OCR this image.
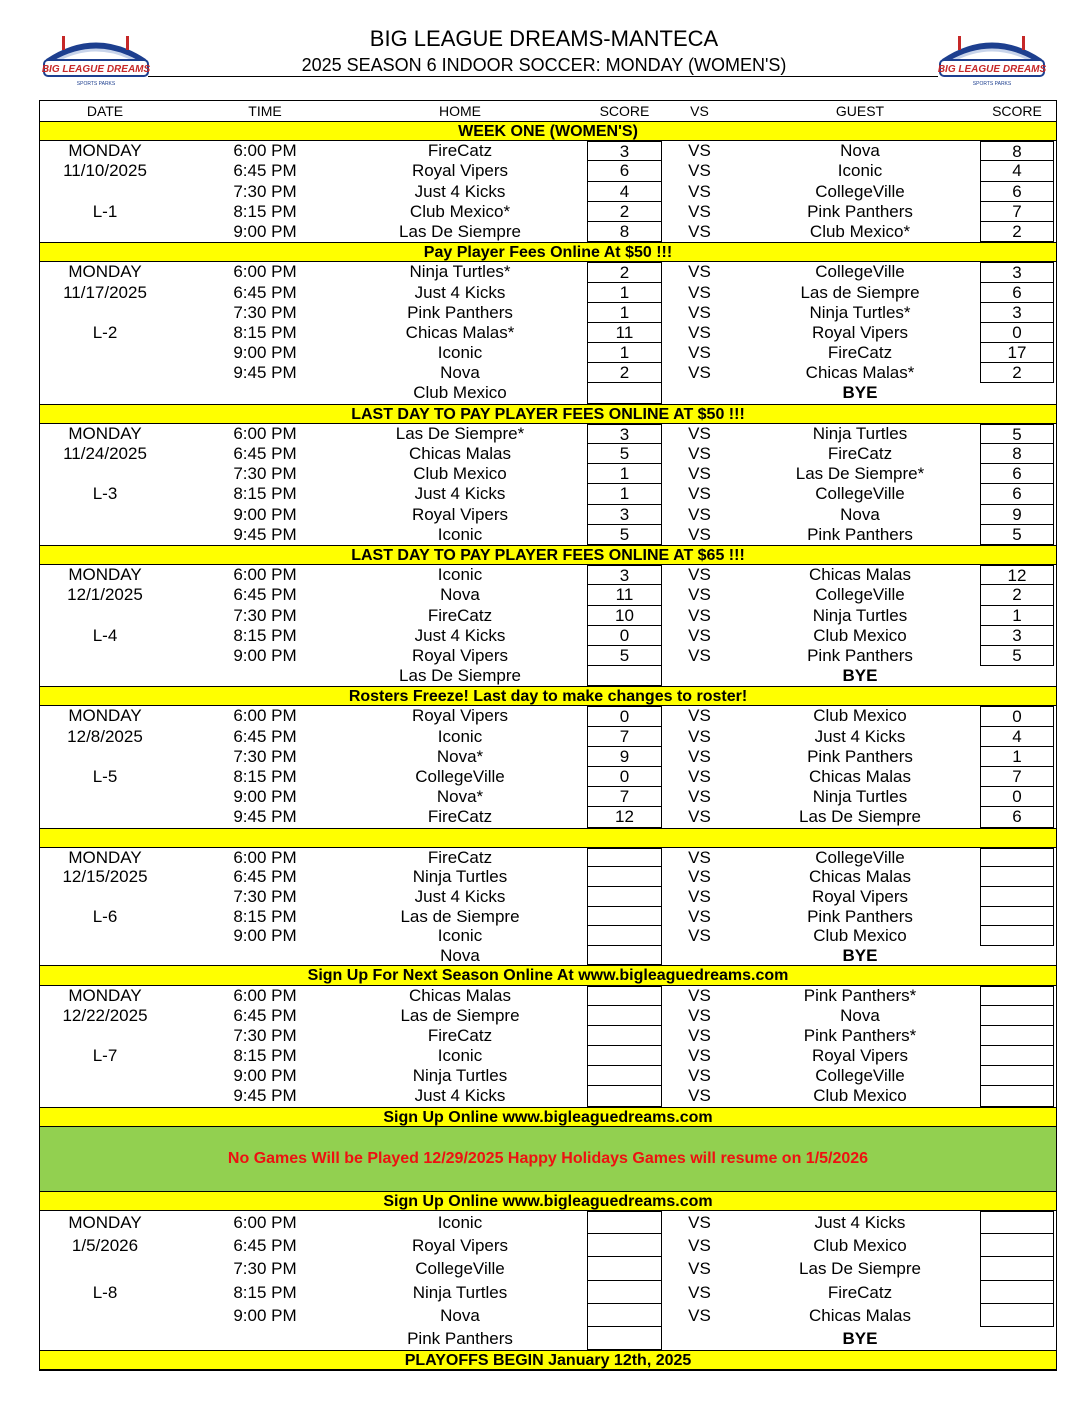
BIG LEAGUE DREAMS
SPORTS PARKS
BIG LEAGUE DREAMS
SPORTS PARKS
BIG LEAGUE DREAMS-MANTECA
2025 SEASON 6 INDOOR SOCCER: MONDAY (WOMEN'S)
DATE	TIME	HOME	SCORE	VS	GUEST	SCORE
WEEK ONE (WOMEN'S)
MONDAY	6:00 PM	FireCatz	3	VS	Nova	8
11/10/2025	6:45 PM	Royal Vipers	6	VS	Iconic	4
7:30 PM	Just 4 Kicks	4	VS	CollegeVille	6
L-1	8:15 PM	Club Mexico*	2	VS	Pink Panthers	7
9:00 PM	Las De Siempre	8	VS	Club Mexico*	2
Pay Player Fees Online At $50 !!!
MONDAY	6:00 PM	Ninja Turtles*	2	VS	CollegeVille	3
11/17/2025	6:45 PM	Just 4 Kicks	1	VS	Las de Siempre	6
7:30 PM	Pink Panthers	1	VS	Ninja Turtles*	3
L-2	8:15 PM	Chicas Malas*	11	VS	Royal Vipers	0
9:00 PM	Iconic	1	VS	FireCatz	17
9:45 PM	Nova	2	VS	Chicas Malas*	2
Club Mexico	BYE
LAST DAY TO PAY PLAYER FEES ONLINE AT $50 !!!
MONDAY	6:00 PM	Las De Siempre*	3	VS	Ninja Turtles	5
11/24/2025	6:45 PM	Chicas Malas	5	VS	FireCatz	8
7:30 PM	Club Mexico	1	VS	Las De Siempre*	6
L-3	8:15 PM	Just 4 Kicks	1	VS	CollegeVille	6
9:00 PM	Royal Vipers	3	VS	Nova	9
9:45 PM	Iconic	5	VS	Pink Panthers	5
LAST DAY TO PAY PLAYER FEES ONLINE AT $65 !!!
MONDAY	6:00 PM	Iconic	3	VS	Chicas Malas	12
12/1/2025	6:45 PM	Nova	11	VS	CollegeVille	2
7:30 PM	FireCatz	10	VS	Ninja Turtles	1
L-4	8:15 PM	Just 4 Kicks	0	VS	Club Mexico	3
9:00 PM	Royal Vipers	5	VS	Pink Panthers	5
Las De Siempre	BYE
Rosters Freeze! Last day to make changes to roster!
MONDAY	6:00 PM	Royal Vipers	0	VS	Club Mexico	0
12/8/2025	6:45 PM	Iconic	7	VS	Just 4 Kicks	4
7:30 PM	Nova*	9	VS	Pink Panthers	1
L-5	8:15 PM	CollegeVille	0	VS	Chicas Malas	7
9:00 PM	Nova*	7	VS	Ninja Turtles	0
9:45 PM	FireCatz	12	VS	Las De Siempre	6
MONDAY	6:00 PM	FireCatz	VS	CollegeVille
12/15/2025	6:45 PM	Ninja Turtles	VS	Chicas Malas
7:30 PM	Just 4 Kicks	VS	Royal Vipers
L-6	8:15 PM	Las de Siempre	VS	Pink Panthers
9:00 PM	Iconic	VS	Club Mexico
Nova	BYE
Sign Up For Next Season Online At www.bigleaguedreams.com
MONDAY	6:00 PM	Chicas Malas	VS	Pink Panthers*
12/22/2025	6:45 PM	Las de Siempre	VS	Nova
7:30 PM	FireCatz	VS	Pink Panthers*
L-7	8:15 PM	Iconic	VS	Royal Vipers
9:00 PM	Ninja Turtles	VS	CollegeVille
9:45 PM	Just 4 Kicks	VS	Club Mexico
Sign Up Online www.bigleaguedreams.com
No Games Will be Played 12/29/2025 Happy Holidays Games will resume on 1/5/2026
Sign Up Online www.bigleaguedreams.com
MONDAY	6:00 PM	Iconic	VS	Just 4 Kicks
1/5/2026	6:45 PM	Royal Vipers	VS	Club Mexico
7:30 PM	CollegeVille	VS	Las De Siempre
L-8	8:15 PM	Ninja Turtles	VS	FireCatz
9:00 PM	Nova	VS	Chicas Malas
Pink Panthers	BYE
PLAYOFFS BEGIN January 12th, 2025
